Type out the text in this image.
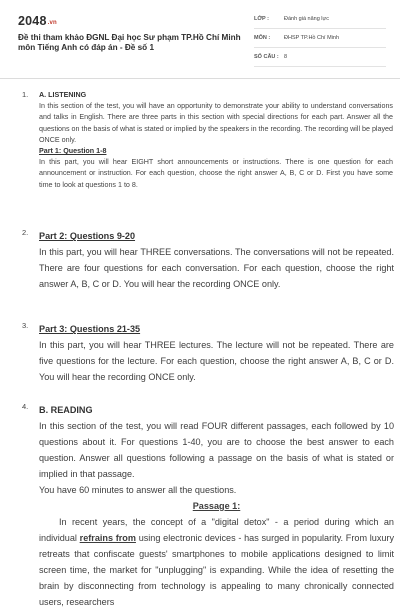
2048.vn
Đề thi tham khảo ĐGNL Đại học Sư phạm TP.Hồ Chí Minh môn Tiếng Anh có đáp án - Đề số 1
LỚP :	Đánh giá năng lực
MÔN :	ĐHSP TP.Hồ Chí Minh
SỐ CÂU : 8
1. A. LISTENING

In this section of the test, you will have an opportunity to demonstrate your ability to understand conversations and talks in English. There are three parts in this section with special directions for each part. Answer all the questions on the basis of what is stated or implied by the speakers in the recording. The recording will be played ONCE only.

Part 1: Question 1-8

In this part, you will hear EIGHT short announcements or instructions. There is one question for each announcement or instruction. For each question, choose the right answer A, B, C or D. First you have some time to look at questions 1 to 8.

2. Part 2: Questions 9-20

In this part, you will hear THREE conversations. The conversations will not be repeated. There are four questions for each conversation. For each question, choose the right answer A, B, C or D. You will hear the recording ONCE only.

3. Part 3: Questions 21-35

In this part, you will hear THREE lectures. The lecture will not be repeated. There are five questions for the lecture. For each question, choose the right answer A, B, C or D. You will hear the recording ONCE only.

4. B. READING

In this section of the test, you will read FOUR different passages, each followed by 10 questions about it. For questions 1-40, you are to choose the best answer to each question. Answer all questions following a passage on the basis of what is stated or implied in that passage.

You have 60 minutes to answer all the questions.

Passage 1:

In recent years, the concept of a "digital detox" - a period during which an individual refrains from using electronic devices - has surged in popularity. From luxury retreats that confiscate guests' smartphones to mobile applications designed to limit screen time, the market for "unplugging" is expanding. While the idea of resetting the brain by disconnecting from technology is appealing to many chronically connected users, researchers
